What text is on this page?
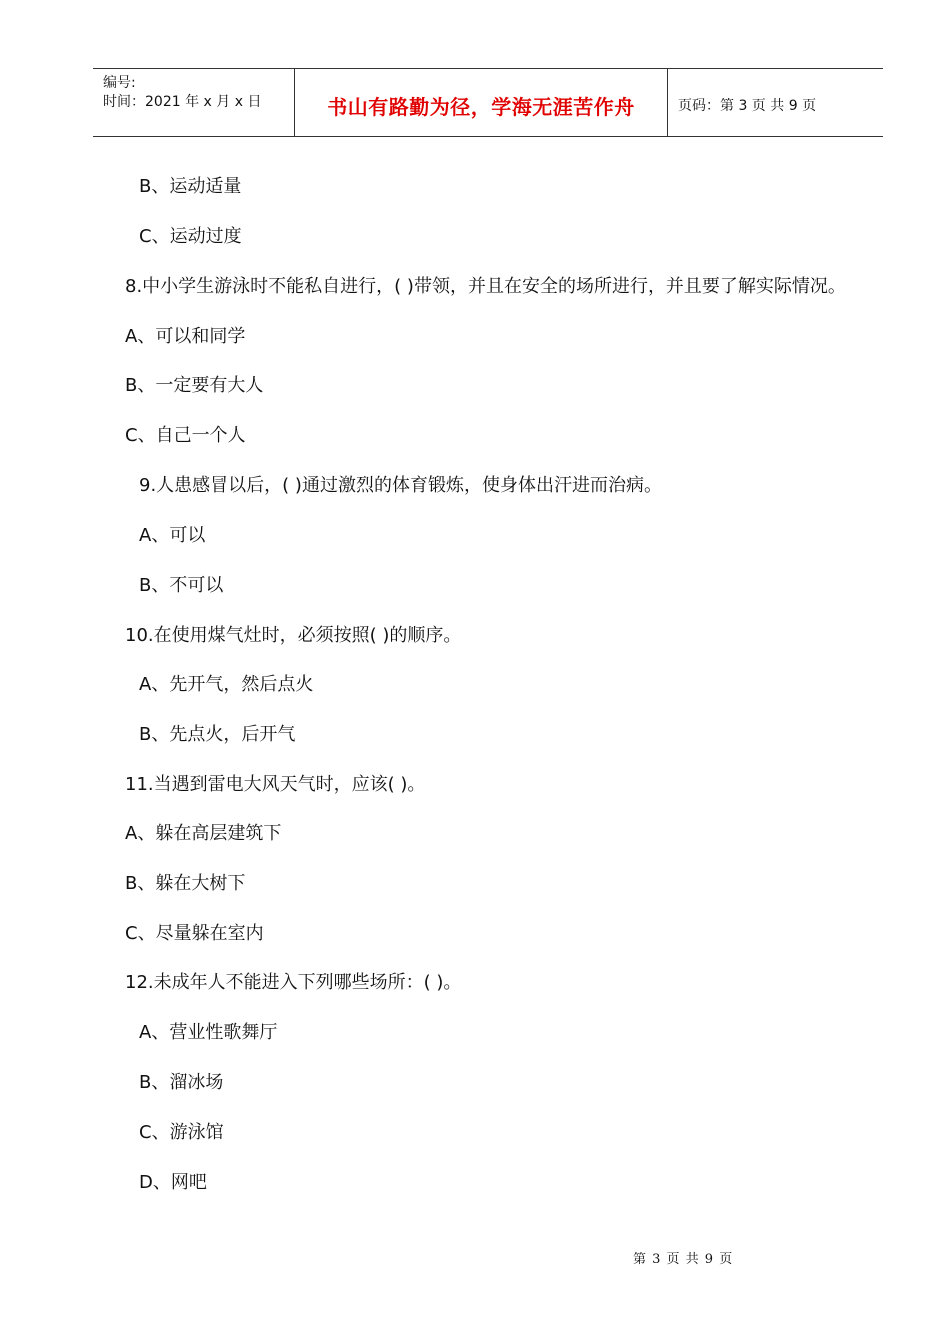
编号:
时间：2021 年 x 月 x 日	书山有路勤为径，学海无涯苦作舟	页码：第 3 页 共 9 页
B、运动适量
C、运动过度
8.中小学生游泳时不能私自进行，( )带领，并且在安全的场所进行，并且要了解实际情况。
A、可以和同学
B、一定要有大人
C、自己一个人
9.人患感冒以后，( )通过激烈的体育锻炼，使身体出汗进而治病。
A、可以
B、不可以
10.在使用煤气灶时，必须按照( )的顺序。
A、先开气，然后点火
B、先点火，后开气
11.当遇到雷电大风天气时，应该( )。
A、躲在高层建筑下
B、躲在大树下
C、尽量躲在室内
12.未成年人不能进入下列哪些场所：( )。
A、营业性歌舞厅
B、溜冰场
C、游泳馆
D、网吧
第 3 页 共 9 页
